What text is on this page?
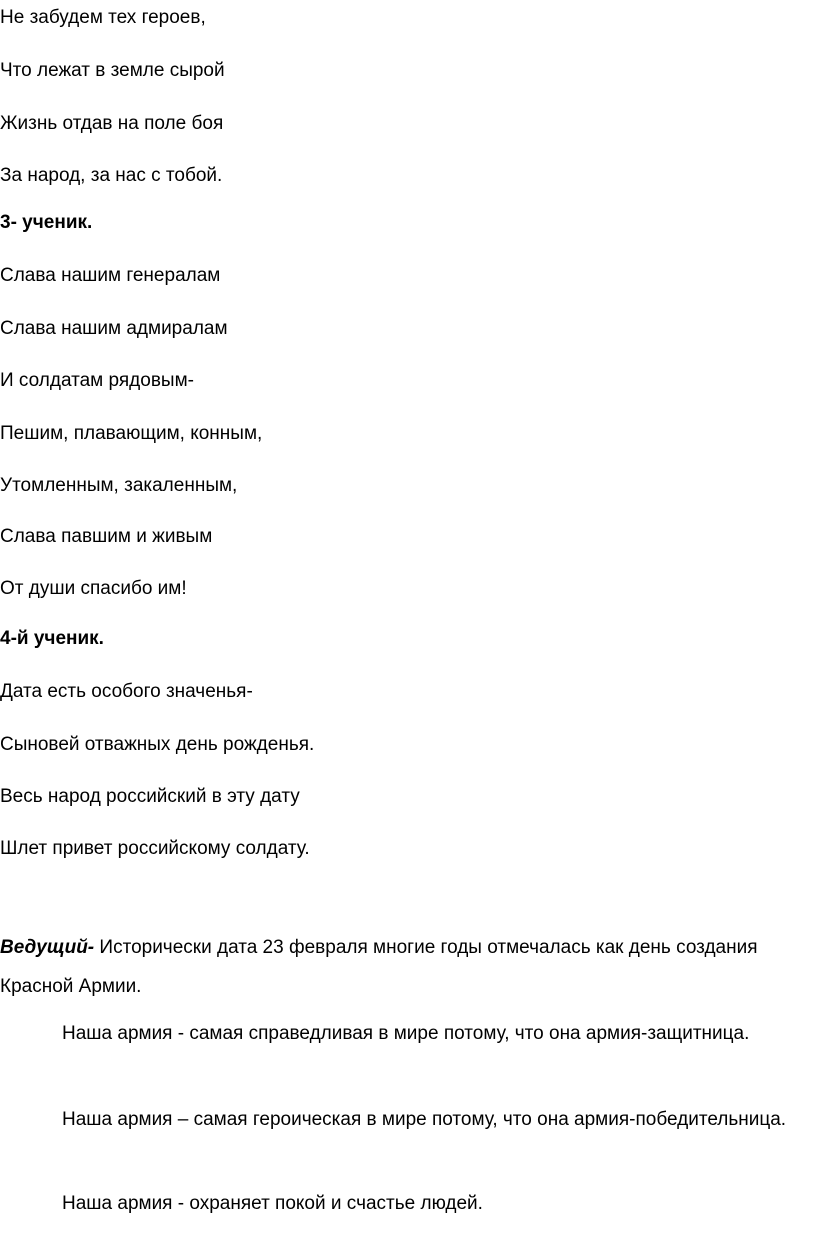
Не забудем тех героев,
Что лежат в земле сырой
Жизнь отдав на поле боя
За народ, за нас с тобой.
3- ученик.
Слава нашим генералам
Слава нашим адмиралам
И солдатам рядовым-
Пешим, плавающим, конным,
Утомленным, закаленным,
Слава павшим и живым
От души спасибо им!
4-й ученик.
Дата есть особого значенья-
Сыновей отважных день рожденья.
Весь народ российский в эту дату
Шлет привет российскому солдату.
Ведущий- Исторически дата 23 февраля многие годы отмечалась как день создания Красной Армии.
Наша армия - самая справедливая в мире потому, что она армия-защитница.
Наша армия – самая героическая в мире потому, что она армия-победительница.
Наша армия - охраняет покой и счастье людей.
